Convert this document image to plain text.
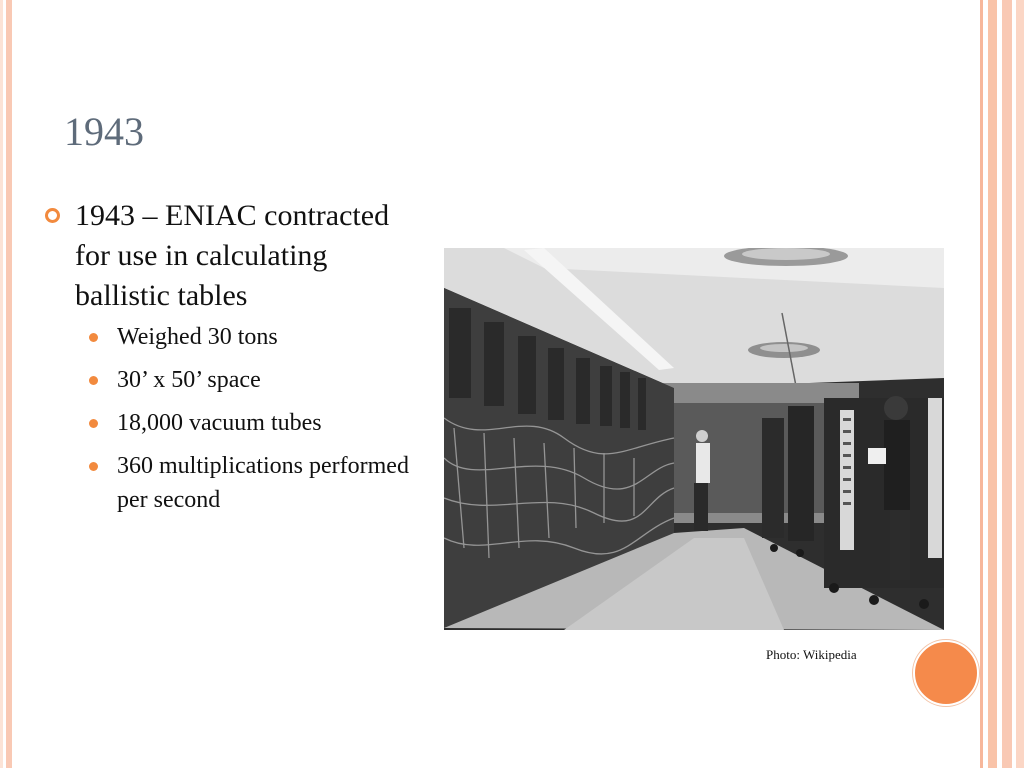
1943
1943 – ENIAC contracted for use in calculating ballistic tables
Weighed 30 tons
30’ x 50’ space
18,000 vacuum tubes
360 multiplications performed per second
Photo: Wikipedia
